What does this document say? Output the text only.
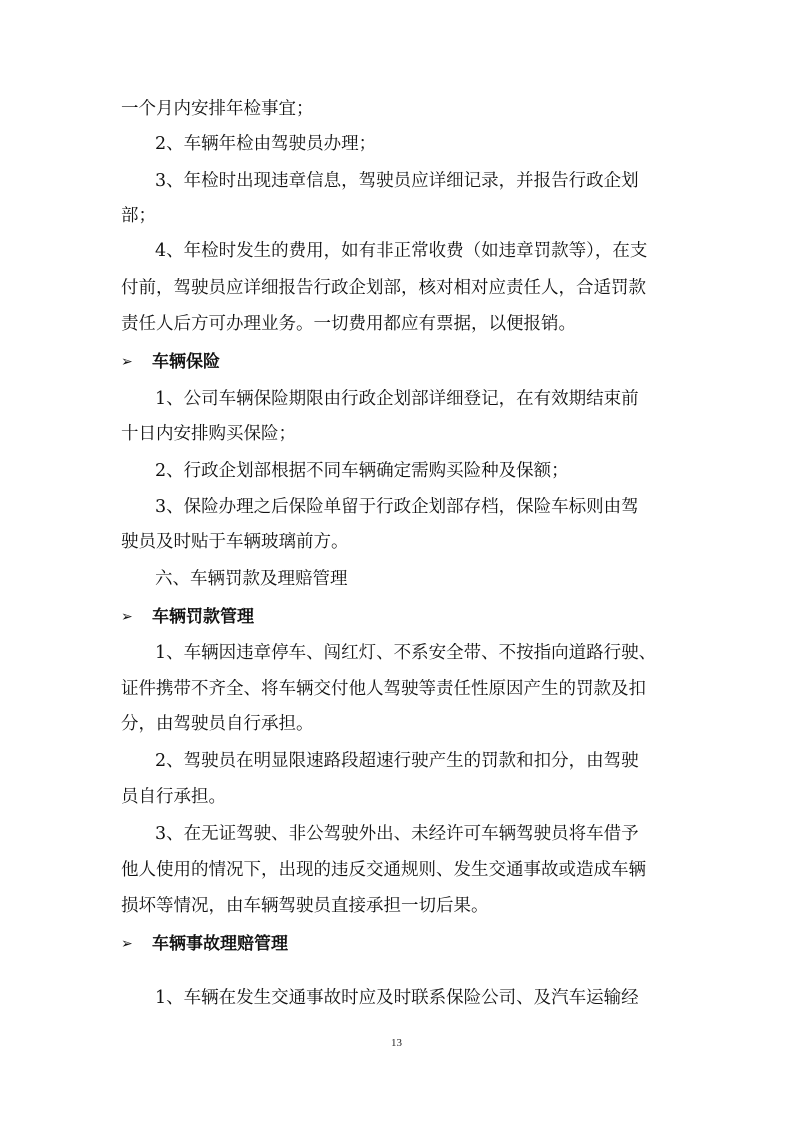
一个月内安排年检事宜；
2、车辆年检由驾驶员办理；
3、年检时出现违章信息，驾驶员应详细记录，并报告行政企划
部；
4、年检时发生的费用，如有非正常收费（如违章罚款等），在支
付前，驾驶员应详细报告行政企划部，核对相对应责任人，合适罚款
责任人后方可办理业务。一切费用都应有票据，以便报销。
➢ 车辆保险
1、公司车辆保险期限由行政企划部详细登记，在有效期结束前
十日内安排购买保险；
2、行政企划部根据不同车辆确定需购买险种及保额；
3、保险办理之后保险单留于行政企划部存档，保险车标则由驾
驶员及时贴于车辆玻璃前方。
六、车辆罚款及理赔管理
➢ 车辆罚款管理
1、车辆因违章停车、闯红灯、不系安全带、不按指向道路行驶、
证件携带不齐全、将车辆交付他人驾驶等责任性原因产生的罚款及扣
分，由驾驶员自行承担。
2、驾驶员在明显限速路段超速行驶产生的罚款和扣分，由驾驶
员自行承担。
3、在无证驾驶、非公驾驶外出、未经许可车辆驾驶员将车借予
他人使用的情况下，出现的违反交通规则、发生交通事故或造成车辆
损坏等情况，由车辆驾驶员直接承担一切后果。
➢ 车辆事故理赔管理
1、车辆在发生交通事故时应及时联系保险公司、及汽车运输经
13
